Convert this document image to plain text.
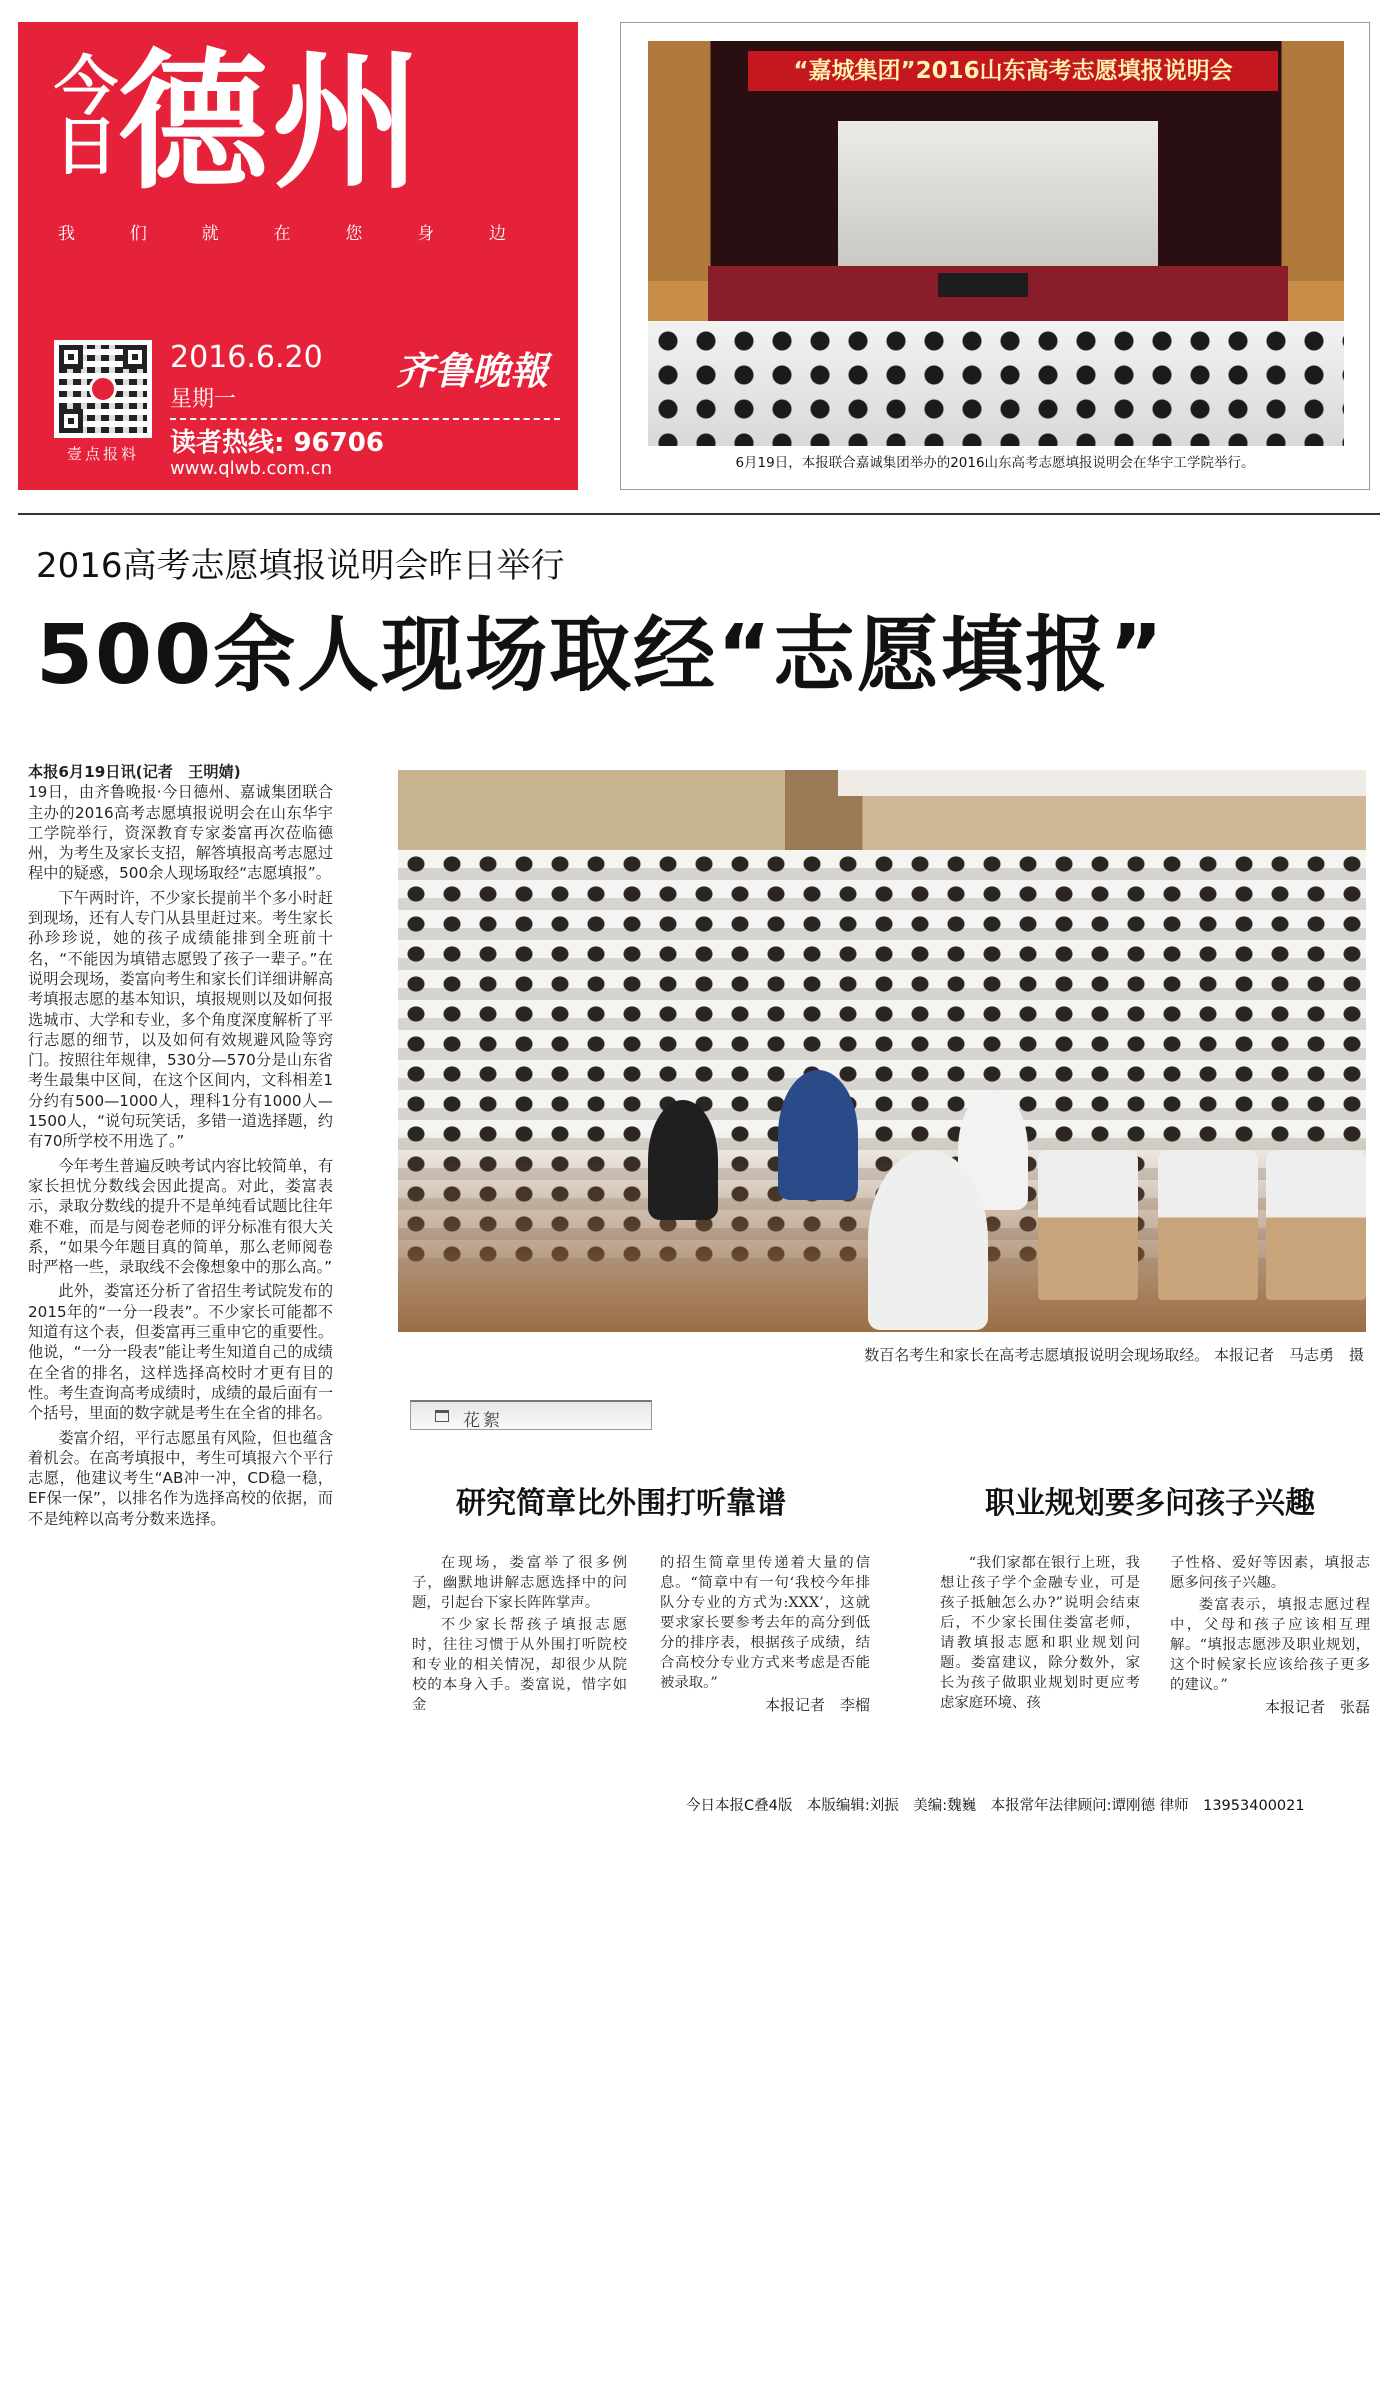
今日 德州
我	们	就	在	您	身	边
壹点报料
2016.6.20
星期一
齐鲁晚報
读者热线: 96706
www.qlwb.com.cn
“嘉城集团”2016山东高考志愿填报说明会
6月19日，本报联合嘉诚集团举办的2016山东高考志愿填报说明会在华宇工学院举行。
2016高考志愿填报说明会昨日举行
500余人现场取经“志愿填报”

本报6月19日讯(记者　王明婧)
19日，由齐鲁晚报·今日德州、嘉诚集团联合主办的2016高考志愿填报说明会在山东华宇工学院举行，资深教育专家娄富再次莅临德州，为考生及家长支招，解答填报高考志愿过程中的疑惑，500余人现场取经“志愿填报”。

下午两时许，不少家长提前半个多小时赶到现场，还有人专门从县里赶过来。考生家长孙珍珍说，她的孩子成绩能排到全班前十名，“不能因为填错志愿毁了孩子一辈子。”在说明会现场，娄富向考生和家长们详细讲解高考填报志愿的基本知识，填报规则以及如何报选城市、大学和专业，多个角度深度解析了平行志愿的细节，以及如何有效规避风险等窍门。按照往年规律，530分—570分是山东省考生最集中区间，在这个区间内，文科相差1分约有500—1000人，理科1分有1000人—1500人，“说句玩笑话，多错一道选择题，约有70所学校不用选了。”

今年考生普遍反映考试内容比较简单，有家长担忧分数线会因此提高。对此，娄富表示，录取分数线的提升不是单纯看试题比往年难不难，而是与阅卷老师的评分标准有很大关系，“如果今年题目真的简单，那么老师阅卷时严格一些，录取线不会像想象中的那么高。”

此外，娄富还分析了省招生考试院发布的2015年的“一分一段表”。不少家长可能都不知道有这个表，但娄富再三重申它的重要性。他说，“一分一段表”能让考生知道自己的成绩在全省的排名，这样选择高校时才更有目的性。考生查询高考成绩时，成绩的最后面有一个括号，里面的数字就是考生在全省的排名。

娄富介绍，平行志愿虽有风险，但也蕴含着机会。在高考填报中，考生可填报六个平行志愿，他建议考生“AB冲一冲，CD稳一稳，EF保一保”，以排名作为选择高校的依据，而不是纯粹以高考分数来选择。

数百名考生和家长在高考志愿填报说明会现场取经。 本报记者　马志勇　摄
花絮
研究简章比外围打听靠谱	职业规划要多问孩子兴趣

在现场，娄富举了很多例子，幽默地讲解志愿选择中的问题，引起台下家长阵阵掌声。

不少家长帮孩子填报志愿时，往往习惯于从外围打听院校和专业的相关情况，却很少从院校的本身入手。娄富说，惜字如金

的招生简章里传递着大量的信息。“简章中有一句‘我校今年排队分专业的方式为:XXX’，这就要求家长要参考去年的高分到低分的排序表，根据孩子成绩，结合高校分专业方式来考虑是否能被录取。”

本报记者　李榴

“我们家都在银行上班，我想让孩子学个金融专业，可是孩子抵触怎么办?”说明会结束后，不少家长围住娄富老师，请教填报志愿和职业规划问题。娄富建议，除分数外，家长为孩子做职业规划时更应考虑家庭环境、孩

子性格、爱好等因素，填报志愿多问孩子兴趣。

娄富表示，填报志愿过程中，父母和孩子应该相互理解。“填报志愿涉及职业规划，这个时候家长应该给孩子更多的建议。”

本报记者　张磊
今日本报C叠4版　本版编辑:刘振　美编:魏巍　本报常年法律顾问:谭刚德 律师　13953400021
